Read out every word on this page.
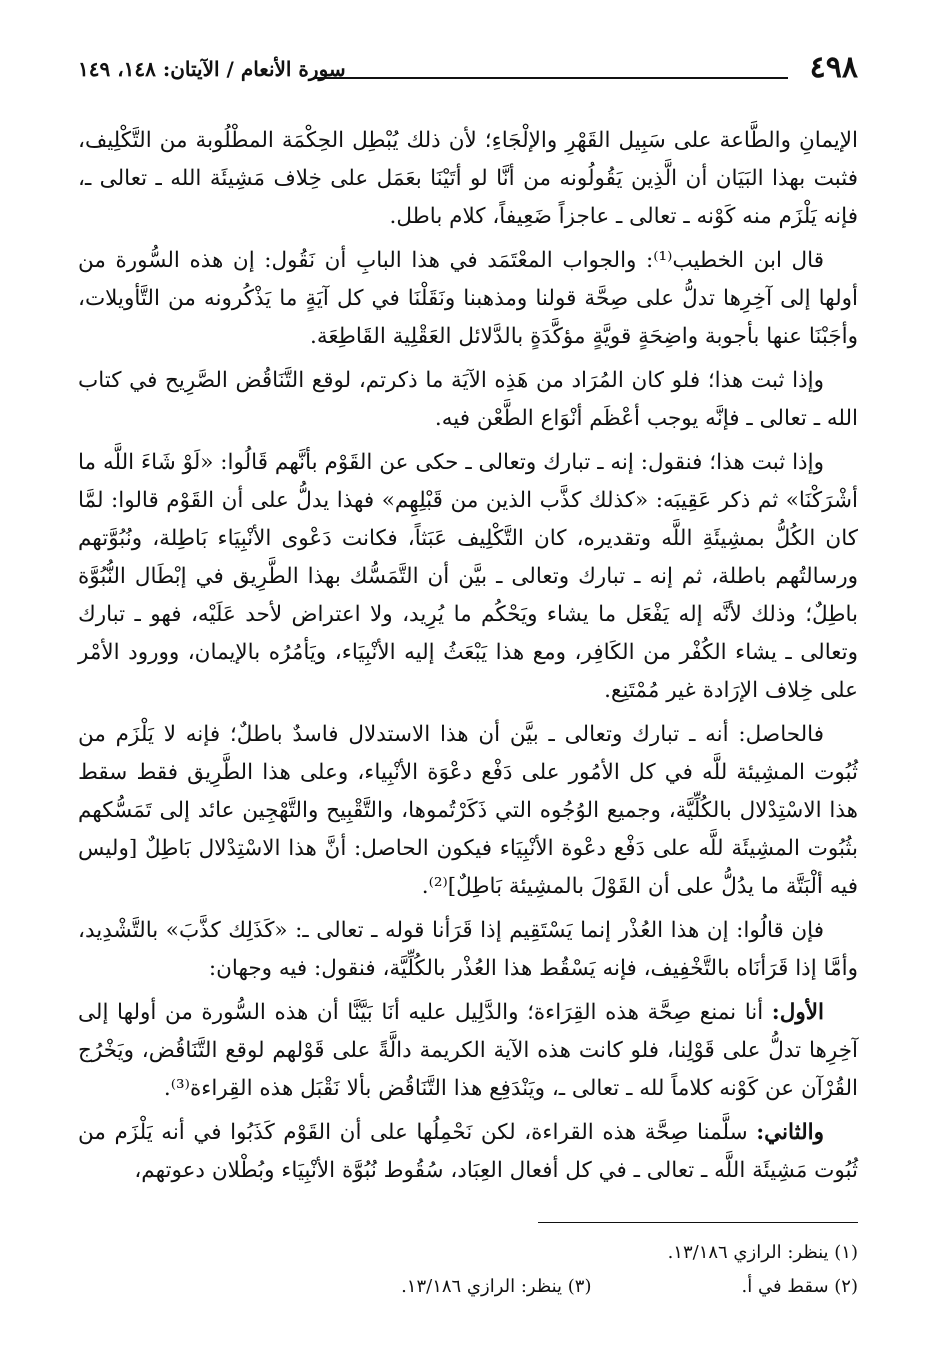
٤٩٨
سورة الأنعام / الآيتان: ١٤٨، ١٤٩

الإيمانِ والطَّاعة على سَبِيل القَهْرِ والإلْجَاءِ؛ لأن ذلك يُبْطِل الحِكْمَة المطْلُوبة من التَّكْلِيف، فثبت بهذا البَيَان أن الَّذِين يَقُولُونه من أنَّا لو أتَيْنَا بعَمَل على خِلاف مَشِيئَة الله ـ تعالى ـ، فإنه يَلْزَم منه كَوْنه ـ تعالى ـ عاجزاً ضَعِيفاً، كلام باطل.

قال ابن الخطيب⁽¹⁾: والجواب المعْتَمَد في هذا البابِ أن نَقُول: إن هذه السُّورة من أولها إلى آخِرِها تدلُّ على صِحَّة قولنا ومذهبنا ونَقَلْنَا في كل آيَةٍ ما يَذْكُرونه من التَّأويلات، وأجَبْنَا عنها بأجوبة واضِحَةٍ قويَّةٍ مؤكَّدَةٍ بالدَّلائل العَقْلِية القَاطِعَة.

وإذا ثبت هذا؛ فلو كان المُرَاد من هَذِه الآيَة ما ذكرتم، لوقع التَّنَاقُض الصَّرِيح في كتاب الله ـ تعالى ـ فإنَّه يوجب أعْظَم أنْوَاع الطَّعْن فيه.

وإذا ثبت هذا؛ فنقول: إنه ـ تبارك وتعالى ـ حكى عن القَوْم بأنَّهم قَالُوا: «لَوْ شَاءَ اللَّه ما أشْرَكْنَا» ثم ذكر عَقِيبَه: «كذلك كذَّب الذين من قَبْلِهِم» فهذا يدلُّ على أن القَوْم قالوا: لمَّا كان الكُلُّ بمشِيئَةِ اللَّه وتقديره، كان التَّكْلِيف عَبَثاً، فكانت دَعْوى الأنْبِيَاء بَاطِلة، ونُبُوَّتهم ورسالتُهم باطلة، ثم إنه ـ تبارك وتعالى ـ بيَّن أن التَّمَسُّك بهذا الطَّرِيق في إبْطَال النُّبُوَّة باطِلٌ؛ وذلك لأنَّه إله يَفْعَل ما يشاء ويَحْكُم ما يُرِيد، ولا اعتراض لأحد عَلَيْه، فهو ـ تبارك وتعالى ـ يشاء الكُفْر من الكَافِر، ومع هذا يَبْعَثُ إليه الأنْبِيَاء، ويَأمُرُه بالإيمان، وورود الأمْر على خِلاف الإرَادة غير مُمْتَنِع.

فالحاصل: أنه ـ تبارك وتعالى ـ بيَّن أن هذا الاستدلال فاسدٌ باطلٌ؛ فإنه لا يَلْزَم من ثُبُوت المشِيئة للَّه في كل الأمُور على دَفْع دعْوَة الأنْبِياء، وعلى هذا الطَّرِيق فقط سقط هذا الاسْتِدْلال بالكُلِّيَّة، وجميع الوُجُوه التي ذَكَرْتُموها، والتَّقْبِيح والتَّهْجِين عائد إلى تَمَسُّكهم بثُبُوت المشِيئَة للَّه على دَفْع دعْوة الأنْبِيَاء فيكون الحاصل: أنَّ هذا الاسْتِدْلال بَاطِلٌ [وليس فيه ألْبَتَّة ما يدُلُّ على أن القَوْلَ بالمشِيئة بَاطِلٌ]⁽²⁾.

فإن قالُوا: إن هذا العُذْر إنما يَسْتَقِيم إذا قَرَأنا قوله ـ تعالى ـ: «كَذَلِك كذَّبَ» بالتَّشْدِيد، وأمَّا إذا قَرَأنَاه بالتَّخْفِيف، فإنه يَسْقُط هذا العُذْر بالكُلِّيَّة، فنقول: فيه وجهان:

الأول: أنا نمنع صِحَّة هذه القِرَاءة؛ والدَّلِيل عليه أنَا بَيَّنَّا أن هذه السُّورة من أولها إلى آخِرِها تدلُّ على قَوْلِنا، فلو كانت هذه الآية الكريمة دالَّةً على قَوْلهم لوقع التَّنَاقُض، ويَخْرُج القُرْآن عن كَوْنه كلاماً لله ـ تعالى ـ، ويَنْدَفِع هذا التَّنَاقُض بألا نَقْبَل هذه القِراءة⁽³⁾.

والثاني: سلَّمنا صِحَّة هذه القراءة، لكن نَحْمِلُها على أن القَوْم كَذَبُوا في أنه يَلْزَم من ثُبُوت مَشِيئَة اللَّه ـ تعالى ـ في كل أفعال العِبَاد، سُقُوط نُبُوَّة الأنْبِيَاء وبُطْلان دعوتهم،

(١) ينظر: الرازي ١٣/١٨٦.
(٢) سقط في أ.
(٣) ينظر: الرازي ١٣/١٨٦.
